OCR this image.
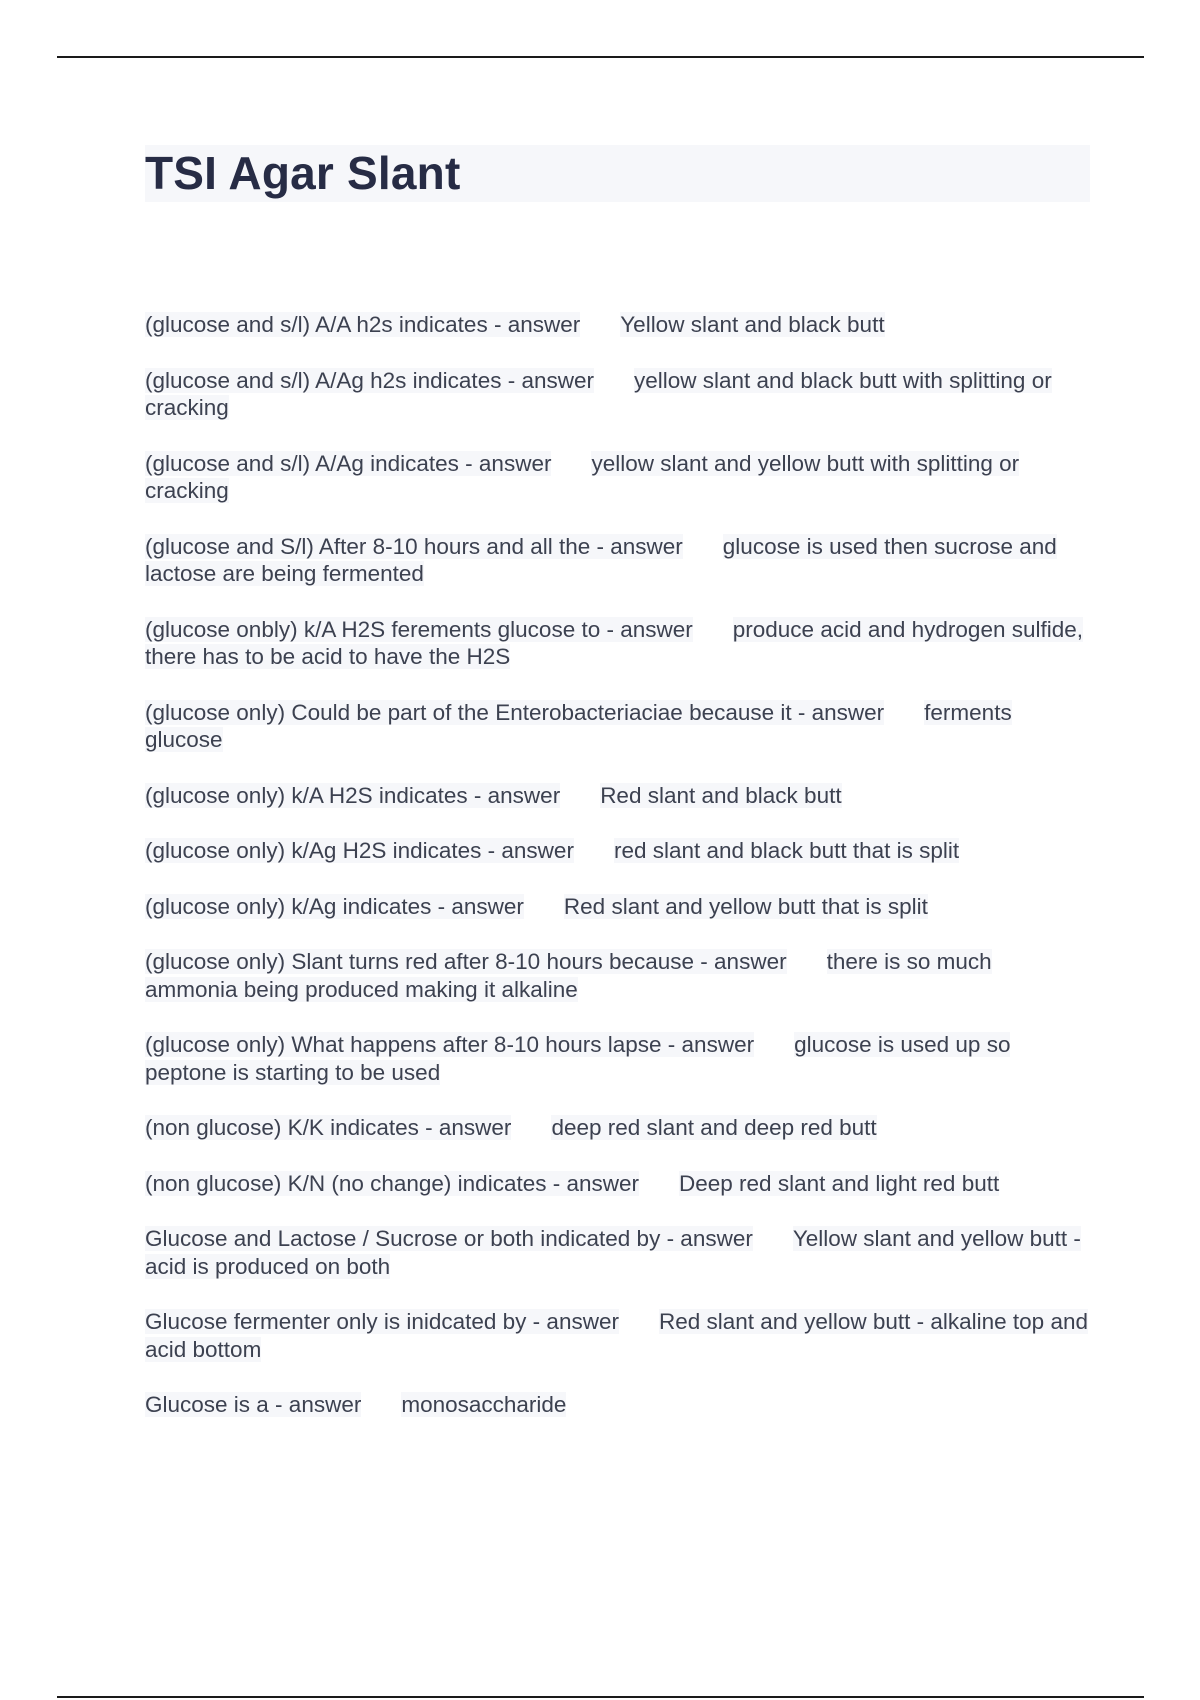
TSI Agar Slant
(glucose and s/l) A/A h2s indicates - answer Yellow slant and black butt
(glucose and s/l) A/Ag h2s indicates - answer yellow slant and black butt with splitting or cracking
(glucose and s/l) A/Ag indicates - answer yellow slant and yellow butt with splitting or cracking
(glucose and S/l) After 8-10 hours and all the - answer glucose is used then sucrose and lactose are being fermented
(glucose onbly) k/A H2S ferements glucose to - answer produce acid and hydrogen sulfide, there has to be acid to have the H2S
(glucose only) Could be part of the Enterobacteriaciae because it - answer ferments glucose
(glucose only) k/A H2S indicates - answer Red slant and black butt
(glucose only) k/Ag H2S indicates - answer red slant and black butt that is split
(glucose only) k/Ag indicates - answer Red slant and yellow butt that is split
(glucose only) Slant turns red after 8-10 hours because - answer there is so much ammonia being produced making it alkaline
(glucose only) What happens after 8-10 hours lapse - answer glucose is used up so peptone is starting to be used
(non glucose) K/K indicates - answer deep red slant and deep red butt
(non glucose) K/N (no change) indicates - answer Deep red slant and light red butt
Glucose and Lactose / Sucrose or both indicated by - answer Yellow slant and yellow butt - acid is produced on both
Glucose fermenter only is inidcated by - answer Red slant and yellow butt - alkaline top and acid bottom
Glucose is a - answer monosaccharide
